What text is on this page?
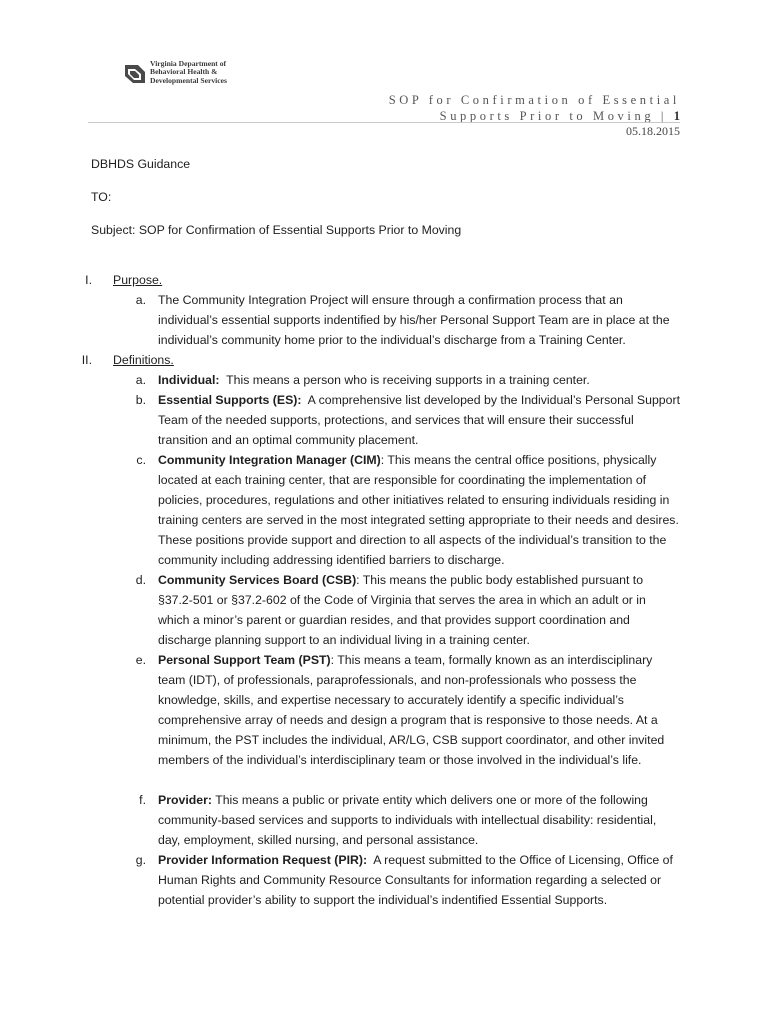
Virginia Department of
Behavioral Health &
Developmental Services
SOP for Confirmation of Essential
Supports Prior to Moving | 1
05.18.2015
DBHDS Guidance
TO:
Subject: SOP for Confirmation of Essential Supports Prior to Moving
I. Purpose.
a. The Community Integration Project will ensure through a confirmation process that an individual’s essential supports indentified by his/her Personal Support Team are in place at the individual’s community home prior to the individual’s discharge from a Training Center.
II. Definitions.
a. Individual: This means a person who is receiving supports in a training center.
b. Essential Supports (ES): A comprehensive list developed by the Individual’s Personal Support Team of the needed supports, protections, and services that will ensure their successful transition and an optimal community placement.
c. Community Integration Manager (CIM): This means the central office positions, physically located at each training center, that are responsible for coordinating the implementation of policies, procedures, regulations and other initiatives related to ensuring individuals residing in training centers are served in the most integrated setting appropriate to their needs and desires. These positions provide support and direction to all aspects of the individual’s transition to the community including addressing identified barriers to discharge.
d. Community Services Board (CSB): This means the public body established pursuant to §37.2-501 or §37.2-602 of the Code of Virginia that serves the area in which an adult or in which a minor’s parent or guardian resides, and that provides support coordination and discharge planning support to an individual living in a training center.
e. Personal Support Team (PST): This means a team, formally known as an interdisciplinary team (IDT), of professionals, paraprofessionals, and non-professionals who possess the knowledge, skills, and expertise necessary to accurately identify a specific individual’s comprehensive array of needs and design a program that is responsive to those needs. At a minimum, the PST includes the individual, AR/LG, CSB support coordinator, and other invited members of the individual’s interdisciplinary team or those involved in the individual’s life.
f. Provider: This means a public or private entity which delivers one or more of the following community-based services and supports to individuals with intellectual disability: residential, day, employment, skilled nursing, and personal assistance.
g. Provider Information Request (PIR): A request submitted to the Office of Licensing, Office of Human Rights and Community Resource Consultants for information regarding a selected or potential provider’s ability to support the individual’s indentified Essential Supports.
